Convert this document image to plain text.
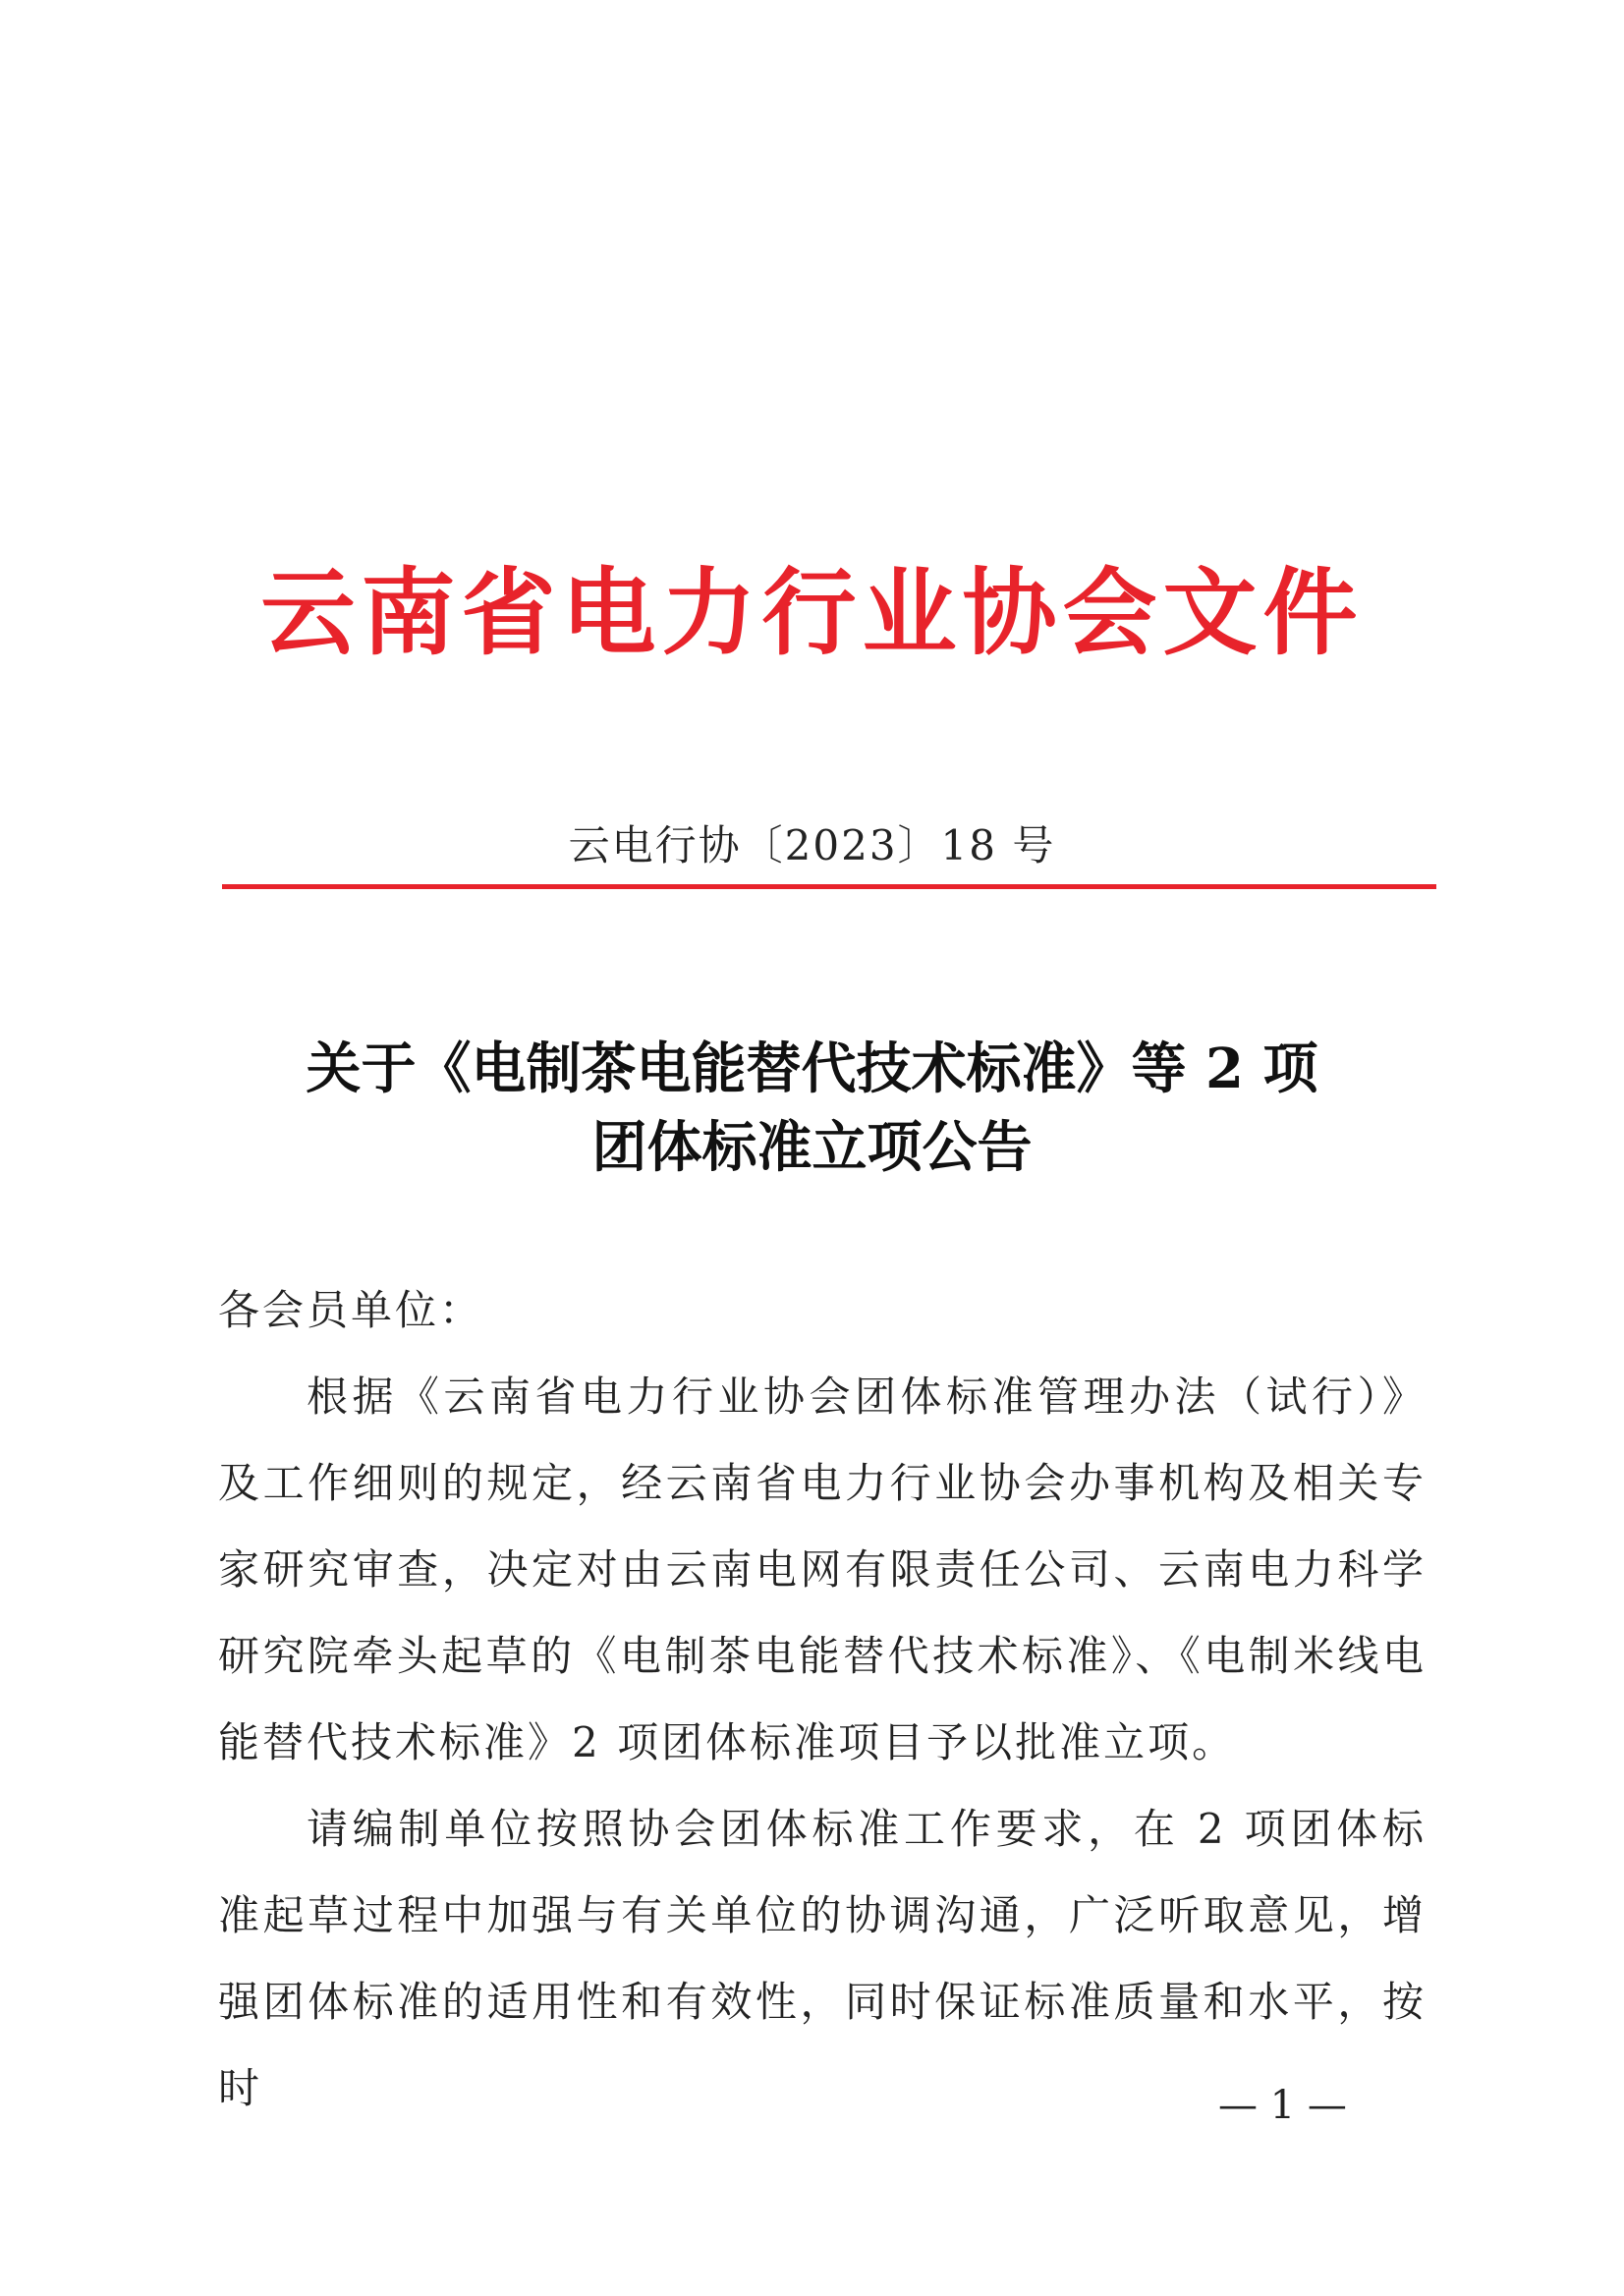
云南省电力行业协会文件
云电行协〔2023〕18 号
关于《电制茶电能替代技术标准》等 2 项
团体标准立项公告

各会员单位：

根据《云南省电力行业协会团体标准管理办法（试行）》及工作细则的规定，经云南省电力行业协会办事机构及相关专家研究审查，决定对由云南电网有限责任公司、云南电力科学研究院牵头起草的《电制茶电能替代技术标准》、《电制米线电能替代技术标准》2 项团体标准项目予以批准立项。

请编制单位按照协会团体标准工作要求，在 2 项团体标准起草过程中加强与有关单位的协调沟通，广泛听取意见，增强团体标准的适用性和有效性，同时保证标准质量和水平，按时	— 1 —
